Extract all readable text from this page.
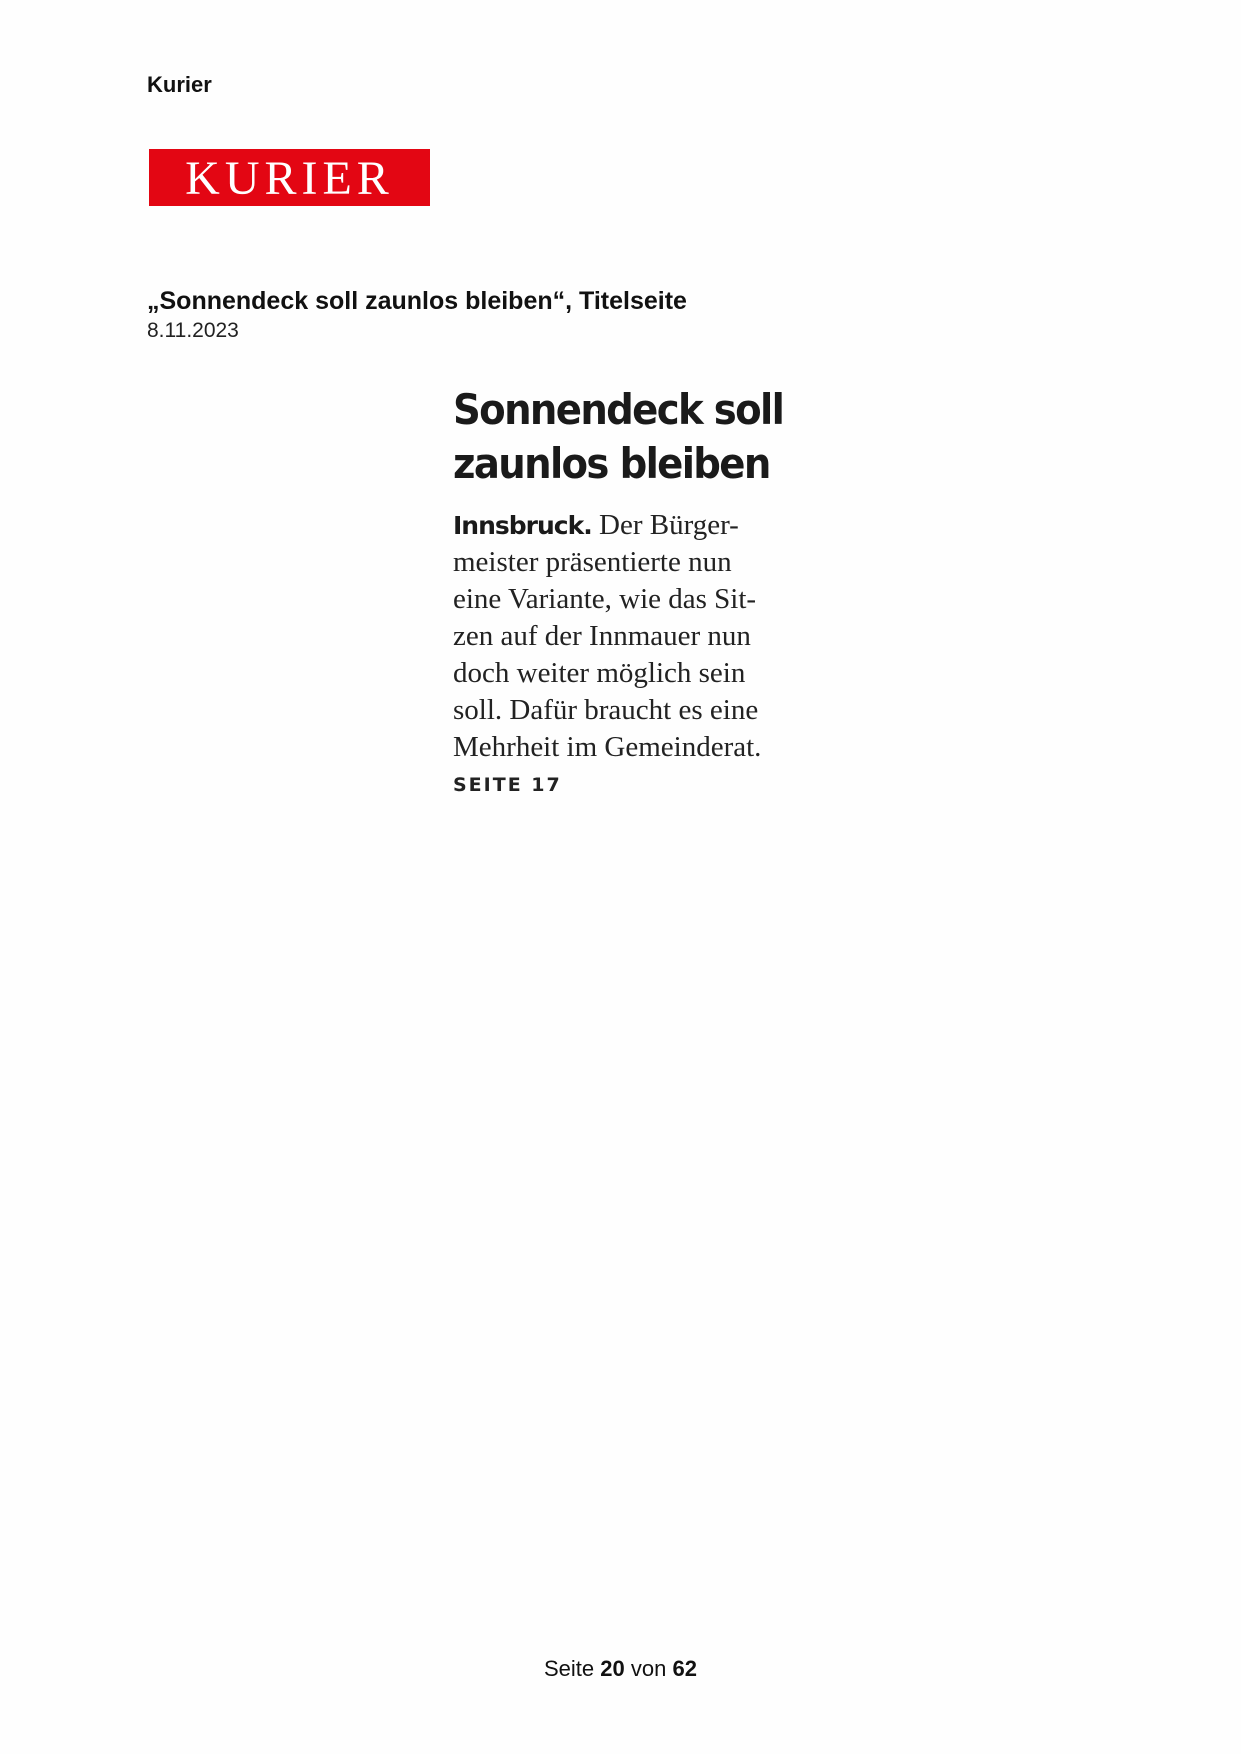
Kurier
KURIER
„Sonnendeck soll zaunlos bleiben“, Titelseite
8.11.2023
Sonnendeck soll
zaunlos bleiben
Innsbruck. Der Bürger-
meister präsentierte nun
eine Variante, wie das Sit-
zen auf der Innmauer nun
doch weiter möglich sein
soll. Dafür braucht es eine
Mehrheit im Gemeinderat.
SEITE 17
Seite 20 von 62
